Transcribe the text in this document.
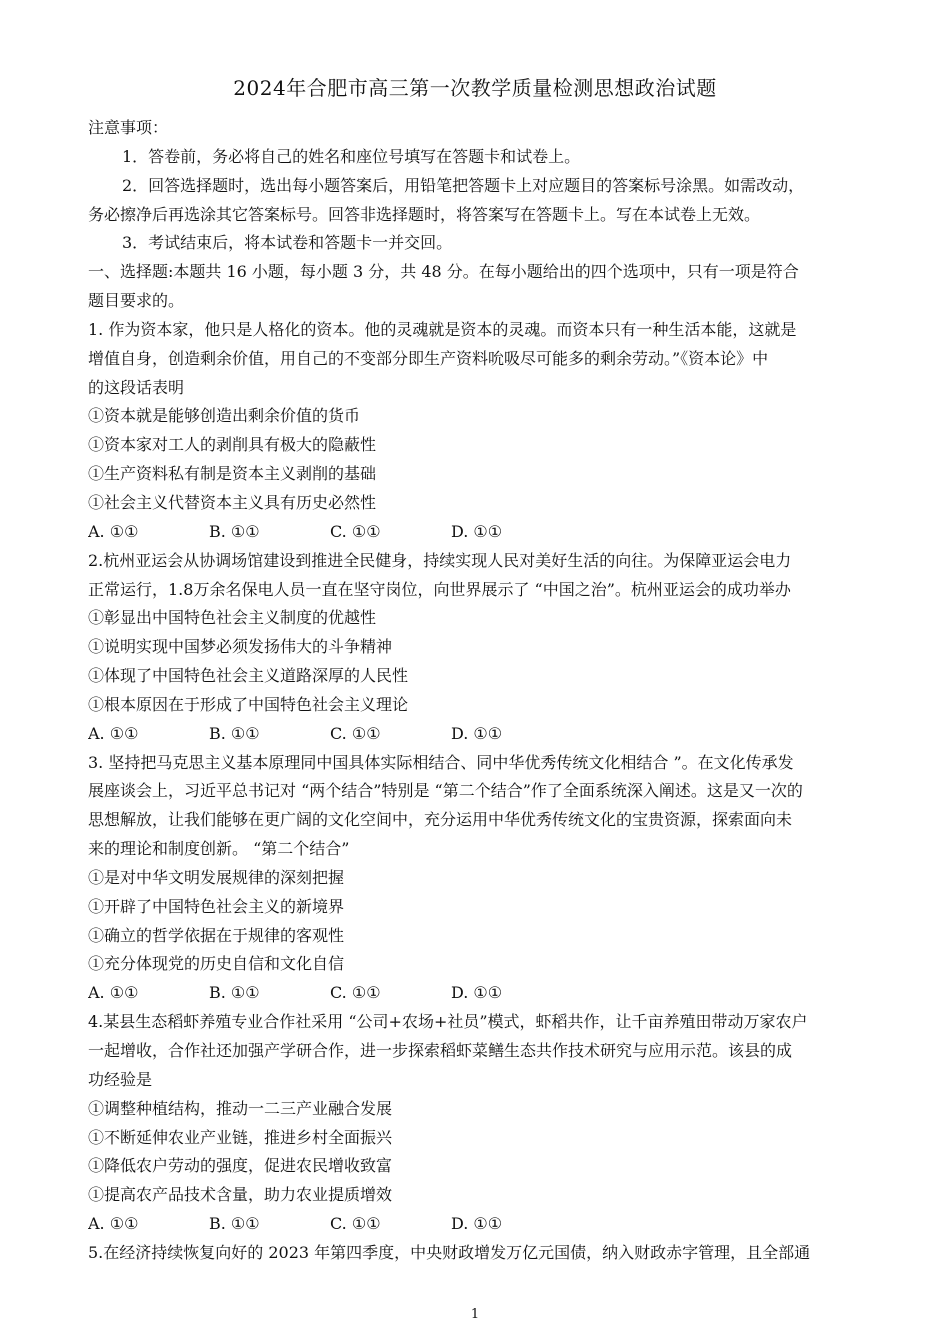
2024年合肥市高三第一次教学质量检测思想政治试题
注意事项：
1．答卷前，务必将自己的姓名和座位号填写在答题卡和试卷上。
2．回答选择题时，选出每小题答案后，用铅笔把答题卡上对应题目的答案标号涂黑。如需改动，
务必擦净后再选涂其它答案标号。回答非选择题时，将答案写在答题卡上。写在本试卷上无效。
3．考试结束后，将本试卷和答题卡一并交回。
一、选择题:本题共 16 小题，每小题 3 分，共 48 分。在每小题给出的四个选项中，只有一项是符合
题目要求的。
1. 作为资本家，他只是人格化的资本。他的灵魂就是资本的灵魂。而资本只有一种生活本能，这就是
增值自身，创造剩余价值，用自己的不变部分即生产资料吮吸尽可能多的剩余劳动。”《资本论》中
的这段话表明
①资本就是能够创造出剩余价值的货币
①资本家对工人的剥削具有极大的隐蔽性
①生产资料私有制是资本主义剥削的基础
①社会主义代替资本主义具有历史必然性
A. ①①	B. ①①	C. ①①	D. ①①
2.杭州亚运会从协调场馆建设到推进全民健身，持续实现人民对美好生活的向往。为保障亚运会电力
正常运行，1.8万余名保电人员一直在坚守岗位，向世界展示了 “中国之治”。杭州亚运会的成功举办
①彰显出中国特色社会主义制度的优越性
①说明实现中国梦必须发扬伟大的斗争精神
①体现了中国特色社会主义道路深厚的人民性
①根本原因在于形成了中国特色社会主义理论
A. ①①	B. ①①	C. ①①	D. ①①
3. 坚持把马克思主义基本原理同中国具体实际相结合、同中华优秀传统文化相结合 ”。在文化传承发
展座谈会上，习近平总书记对 “两个结合”特别是 “第二个结合”作了全面系统深入阐述。这是又一次的
思想解放，让我们能够在更广阔的文化空间中，充分运用中华优秀传统文化的宝贵资源，探索面向未
来的理论和制度创新。 “第二个结合”
①是对中华文明发展规律的深刻把握
①开辟了中国特色社会主义的新境界
①确立的哲学依据在于规律的客观性
①充分体现党的历史自信和文化自信
A. ①①	B. ①①	C. ①①	D. ①①
4.某县生态稻虾养殖专业合作社采用 “公司+农场+社员”模式，虾稻共作，让千亩养殖田带动万家农户
一起增收，合作社还加强产学研合作，进一步探索稻虾菜鳝生态共作技术研究与应用示范。该县的成
功经验是
①调整种植结构，推动一二三产业融合发展
①不断延伸农业产业链，推进乡村全面振兴
①降低农户劳动的强度，促进农民增收致富
①提高农产品技术含量，助力农业提质增效
A. ①①	B. ①①	C. ①①	D. ①①
5.在经济持续恢复向好的 2023 年第四季度，中央财政增发万亿元国债，纳入财政赤字管理，且全部通
1
